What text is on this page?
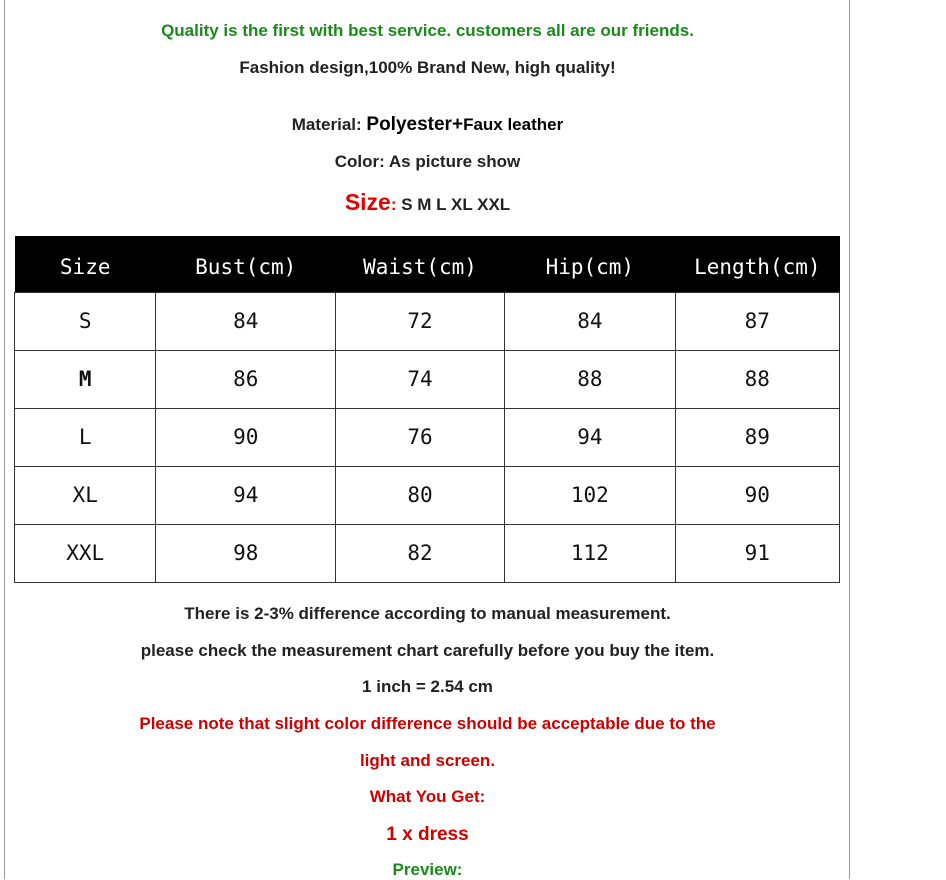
Quality is the first with best service. customers all are our friends.
Fashion design,100% Brand New, high quality!
Material: Polyester+Faux leather
Color: As picture show
Size: S M L XL XXL
Size	Bust(cm)	Waist(cm)	Hip(cm)	Length(cm)
S	84	72	84	87
M	86	74	88	88
L	90	76	94	89
XL	94	80	102	90
XXL	98	82	112	91
There is 2-3% difference according to manual measurement.
please check the measurement chart carefully before you buy the item.
1 inch = 2.54 cm
Please note that slight color difference should be acceptable due to the
light and screen.
What You Get:
1 x dress
Preview:
